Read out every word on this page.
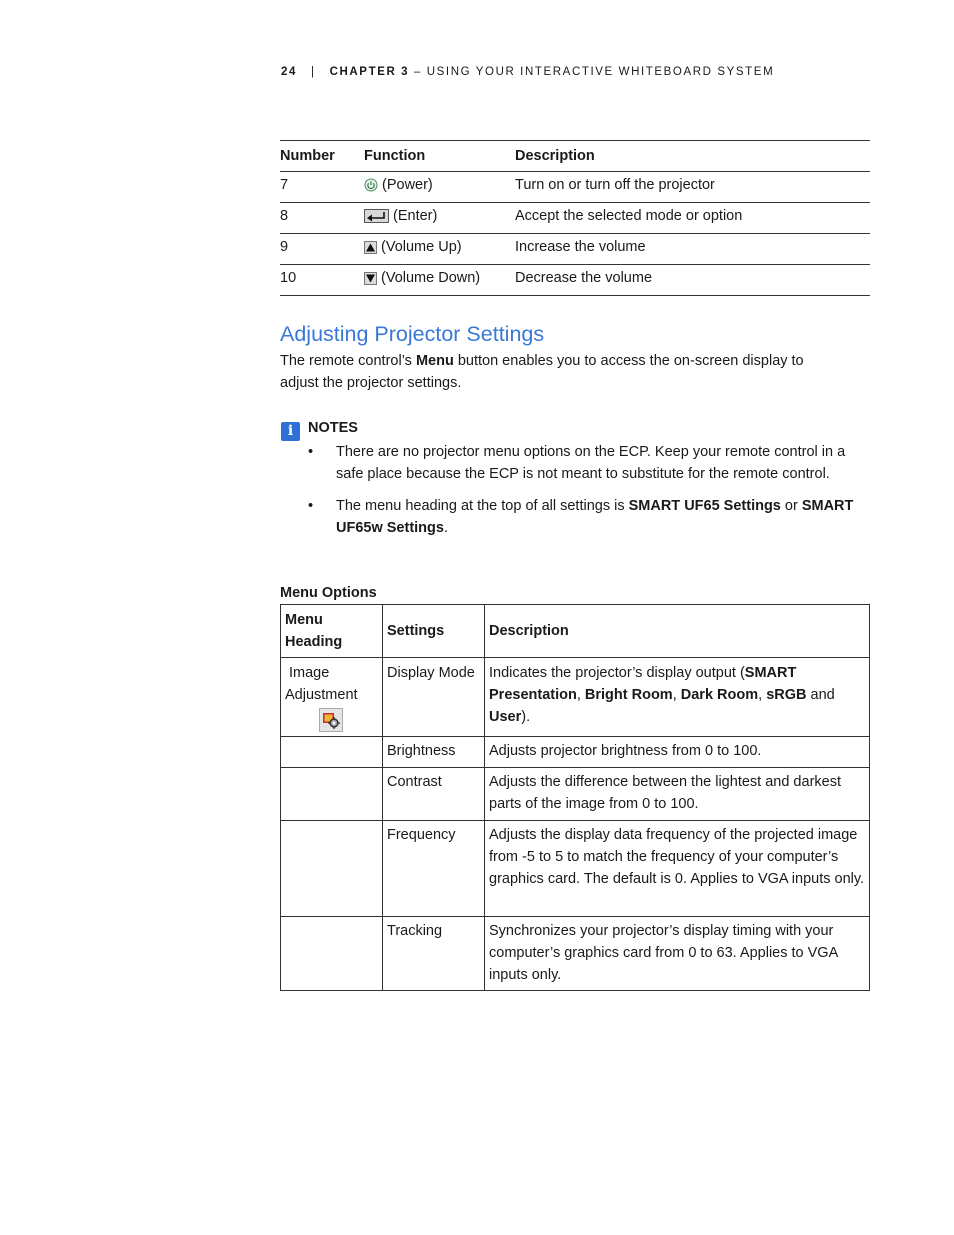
24 | CHAPTER 3 – USING YOUR INTERACTIVE WHITEBOARD SYSTEM
Number	Function	Description
7	(Power)	Turn on or turn off the projector
8	(Enter)	Accept the selected mode or option
9	(Volume Up)	Increase the volume
10	(Volume Down)	Decrease the volume
Adjusting Projector Settings

The remote control’s Menu button enables you to access the on-screen display to adjust the projector settings.

i	NOTES
• There are no projector menu options on the ECP. Keep your remote control in a safe place because the ECP is not meant to substitute for the remote control.
• The menu heading at the top of all settings is SMART UF65 Settings or SMART UF65w Settings.
Menu Options
Menu Heading	Settings	Description
Image Adjustment	Display Mode	Indicates the projector’s display output (SMART Presentation, Bright Room, Dark Room, sRGB and User).
	Brightness	Adjusts projector brightness from 0 to 100.
	Contrast	Adjusts the difference between the lightest and darkest parts of the image from 0 to 100.
	Frequency	Adjusts the display data frequency of the projected image from -5 to 5 to match the frequency of your computer’s graphics card. The default is 0. Applies to VGA inputs only.
	Tracking	Synchronizes your projector’s display timing with your computer’s graphics card from 0 to 63. Applies to VGA inputs only.
